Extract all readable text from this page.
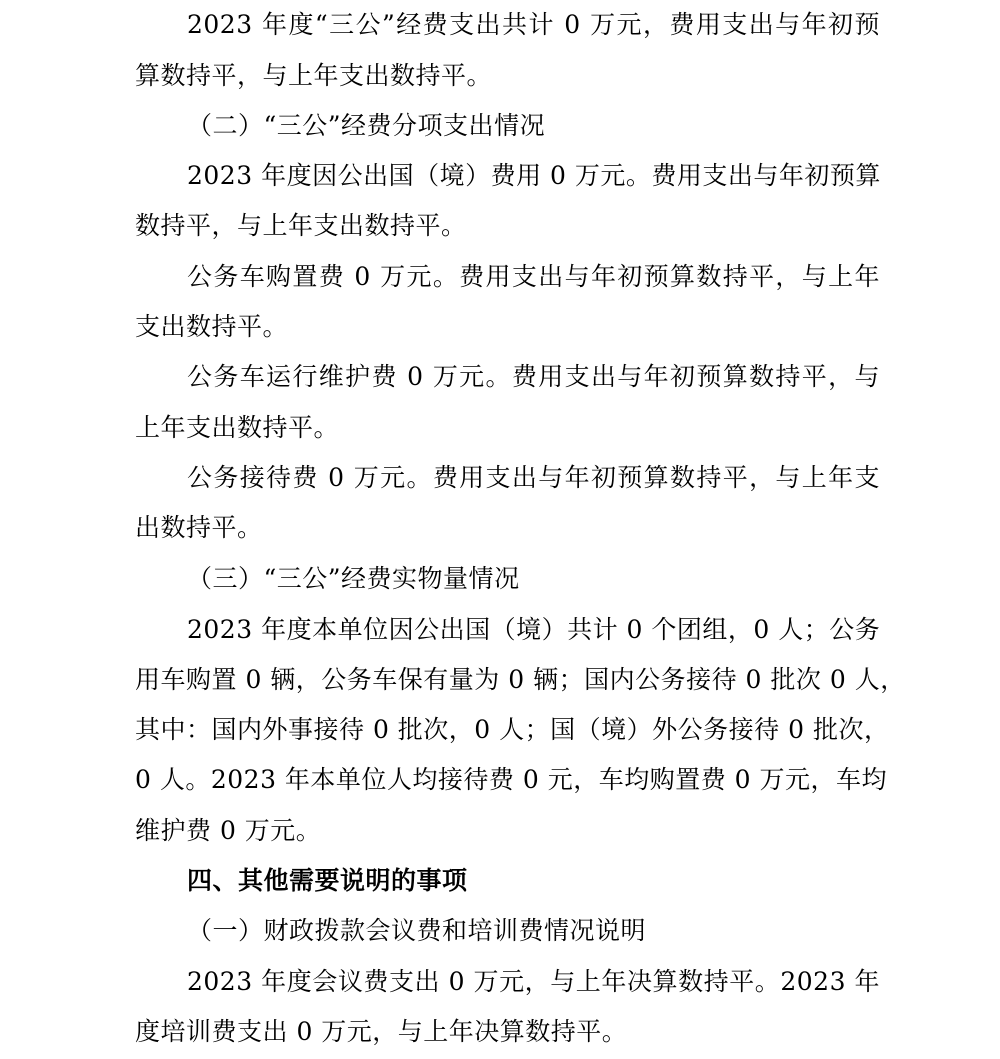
2023 年度“三公”经费支出共计 0 万元，费用支出与年初预
算数持平，与上年支出数持平。
（二）“三公”经费分项支出情况
2023 年度因公出国（境）费用 0 万元。费用支出与年初预算
数持平，与上年支出数持平。
公务车购置费 0 万元。费用支出与年初预算数持平，与上年
支出数持平。
公务车运行维护费 0 万元。费用支出与年初预算数持平，与
上年支出数持平。
公务接待费 0 万元。费用支出与年初预算数持平，与上年支
出数持平。
（三）“三公”经费实物量情况
2023 年度本单位因公出国（境）共计 0 个团组，0 人；公务
用车购置 0 辆，公务车保有量为 0 辆；国内公务接待 0 批次 0 人，
其中：国内外事接待 0 批次，0 人；国（境）外公务接待 0 批次，
0 人。2023 年本单位人均接待费 0 元，车均购置费 0 万元，车均
维护费 0 万元。
四、其他需要说明的事项
（一）财政拨款会议费和培训费情况说明
2023 年度会议费支出 0 万元，与上年决算数持平。2023 年
度培训费支出 0 万元，与上年决算数持平。
